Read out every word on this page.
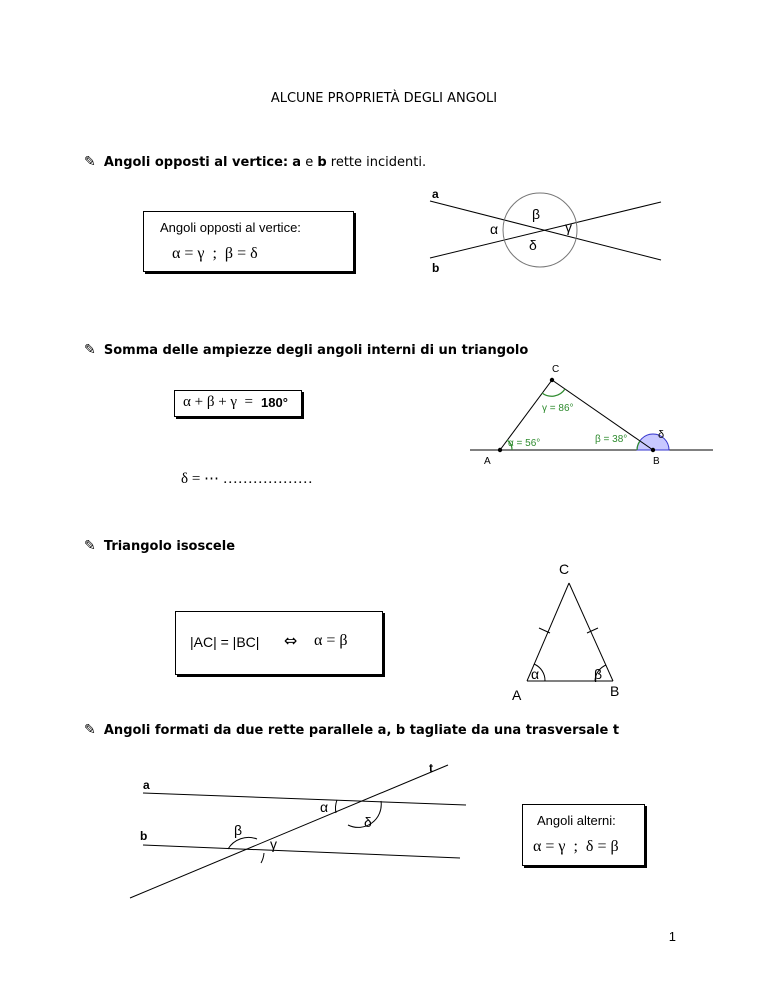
ALCUNE PROPRIETÀ DEGLI ANGOLI
✎ Angoli opposti al vertice: a e b rette incidenti.
Angoli opposti al vertice:
α = γ  ;  β = δ
a
b
α
β
γ
δ
✎ Somma delle ampiezze degli angoli interni di un triangolo
α + β + γ  = 180°
δ = ⋯ ………………
A	B
C
γ = 86°
α = 56°	β = 38°	δ
✎ Triangolo isoscele
|AC| = |BC| ⇔ α = β
C
A	B
α	β
✎ Angoli formati da due rette parallele a, b tagliate da una trasversale t
t
a
b
α
δ
β
γ
Angoli alterni:
α = γ  ;  δ = β
1
